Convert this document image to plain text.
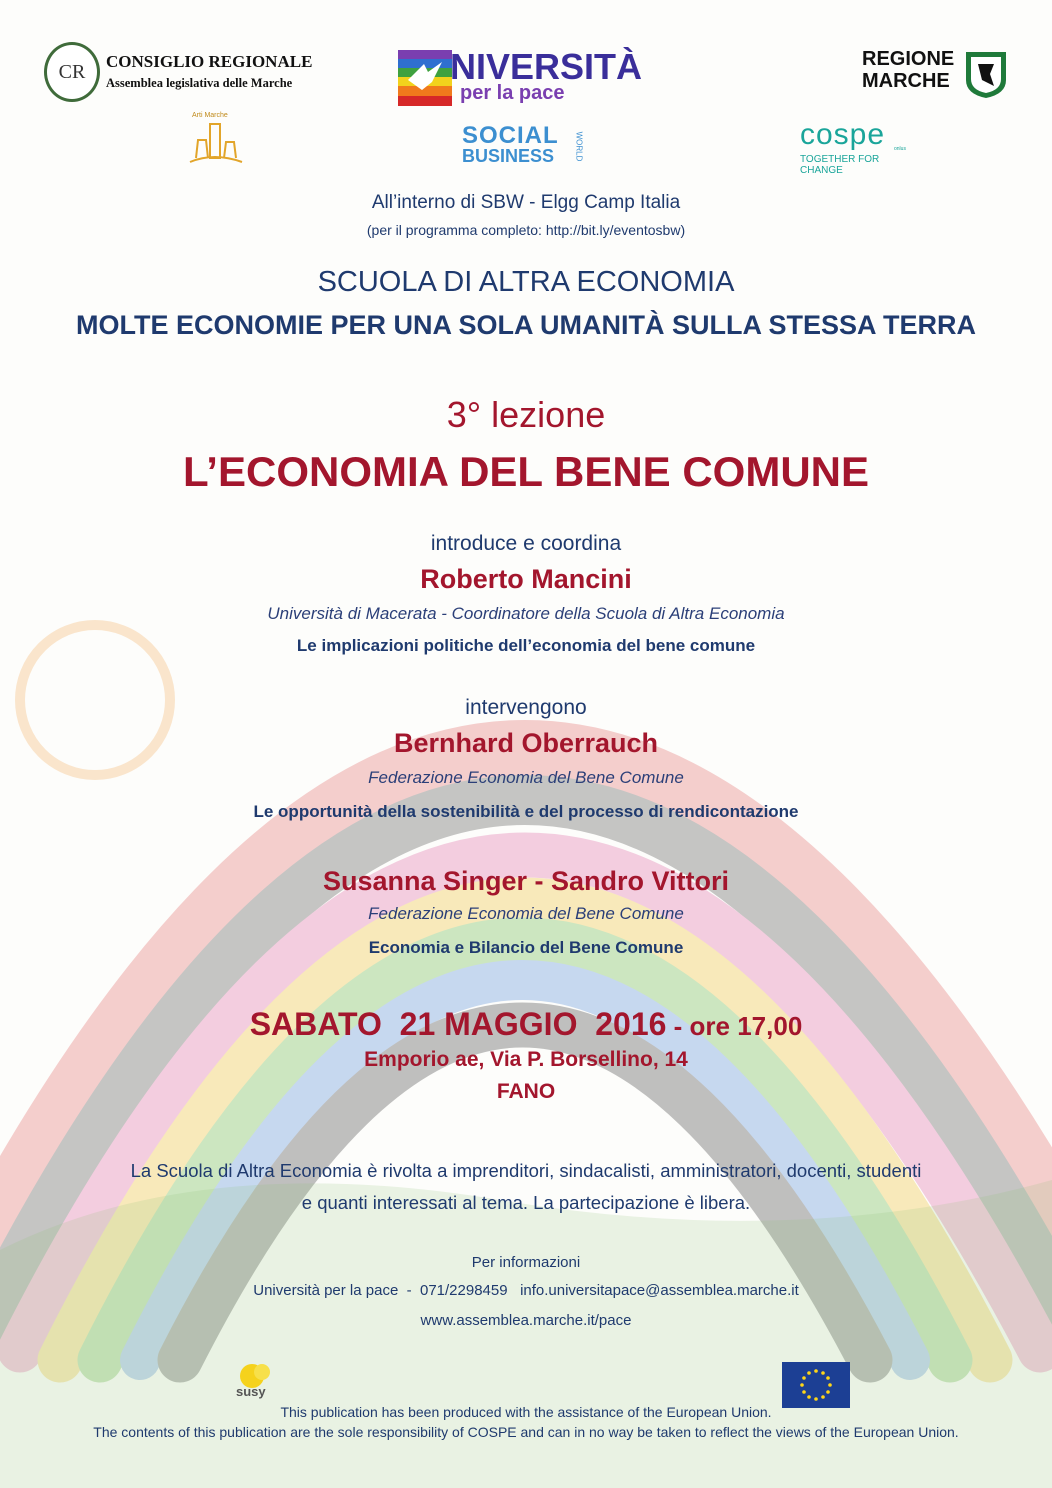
CR	CONSIGLIO REGIONALE
Assemblea legislativa delle Marche	NIVERSITÀ
per la pace
REGIONE
MARCHE
Arti Marche
SOCIAL
BUSINESS	WORLD	cospe onlus
TOGETHER FOR CHANGE
All’interno di SBW - Elgg Camp Italia
(per il programma completo: http://bit.ly/eventosbw)
SCUOLA DI ALTRA ECONOMIA
MOLTE ECONOMIE PER UNA SOLA UMANITÀ SULLA STESSA TERRA
3° lezione
L’ECONOMIA DEL BENE COMUNE
introduce e coordina
Roberto Mancini
Università di Macerata - Coordinatore della Scuola di Altra Economia
Le implicazioni politiche dell’economia del bene comune
intervengono
Bernhard Oberrauch
Federazione Economia del Bene Comune
Le opportunità della sostenibilità e del processo di rendicontazione
Susanna Singer - Sandro Vittori
Federazione Economia del Bene Comune
Economia e Bilancio del Bene Comune
SABATO  21 MAGGIO  2016 - ore 17,00
Emporio ae, Via P. Borsellino, 14
FANO
La Scuola di Altra Economia è rivolta a imprenditori, sindacalisti, amministratori, docenti, studenti
e quanti interessati al tema. La partecipazione è libera.
Per informazioni
Università per la pace  -  071/2298459   info.universitapace@assemblea.marche.it
www.assemblea.marche.it/pace
susy
This publication has been produced with the assistance of the European Union.
The contents of this publication are the sole responsibility of COSPE and can in no way be taken to reflect the views of the European Union.
